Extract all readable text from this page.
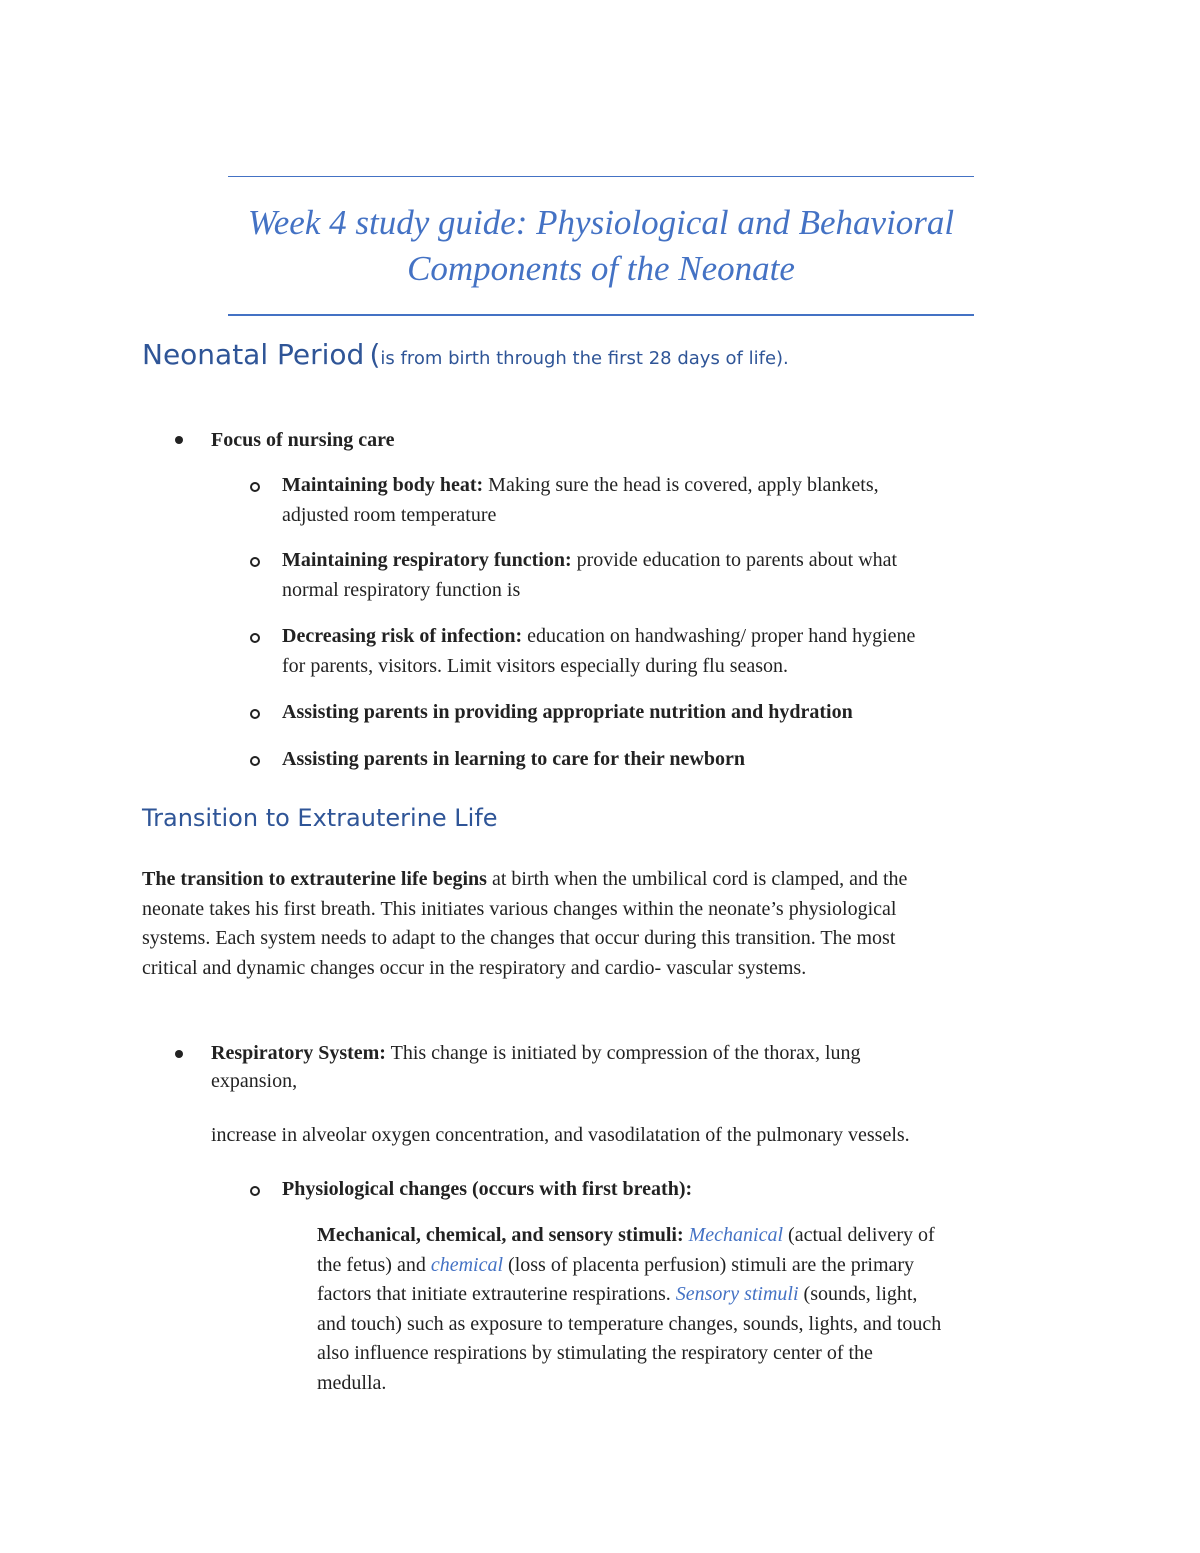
Week 4 study guide: Physiological and Behavioral
Components of the Neonate
Neonatal Period (is from birth through the first 28 days of life).
Focus of nursing care
Maintaining body heat: Making sure the head is covered, apply blankets,
adjusted room temperature
Maintaining respiratory function: provide education to parents about what
normal respiratory function is
Decreasing risk of infection: education on handwashing/ proper hand hygiene
for parents, visitors. Limit visitors especially during flu season.
Assisting parents in providing appropriate nutrition and hydration
Assisting parents in learning to care for their newborn
Transition to Extrauterine Life
The transition to extrauterine life begins at birth when the umbilical cord is clamped, and the
neonate takes his first breath. This initiates various changes within the neonate’s physiological
systems. Each system needs to adapt to the changes that occur during this transition. The most
critical and dynamic changes occur in the respiratory and cardio- vascular systems.
Respiratory System: This change is initiated by compression of the thorax, lung
expansion,
increase in alveolar oxygen concentration, and vasodilatation of the pulmonary vessels.
Physiological changes (occurs with first breath):
Mechanical, chemical, and sensory stimuli: Mechanical (actual delivery of
the fetus) and chemical (loss of placenta perfusion) stimuli are the primary
factors that initiate extrauterine respirations. Sensory stimuli (sounds, light,
and touch) such as exposure to temperature changes, sounds, lights, and touch
also influence respirations by stimulating the respiratory center of the
medulla.
